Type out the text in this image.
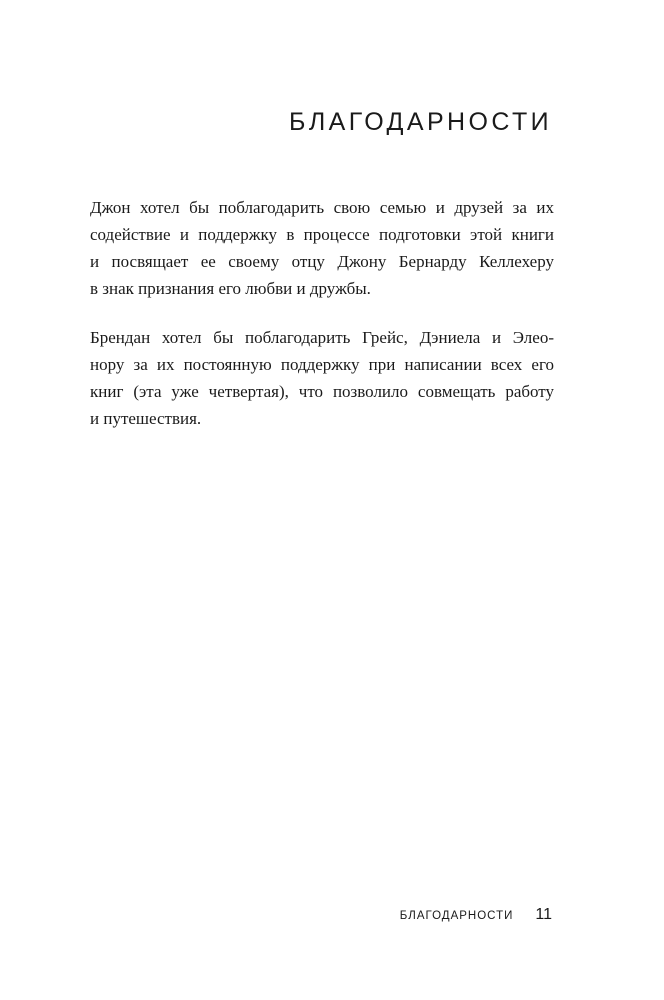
БЛАГОДАРНОСТИ

Джон хотел бы поблагодарить свою семью и друзей за их
содействие и поддержку в процессе подготовки этой книги
и посвящает ее своему отцу Джону Бернарду Келлехеру
в знак признания его любви и дружбы.

Брендан хотел бы поблагодарить Грейс, Дэниела и Элео-
нору за их постоянную поддержку при написании всех его
книг (эта уже четвертая), что позволило совмещать работу
и путешествия.

БЛАГОДАРНОСТИ 11
